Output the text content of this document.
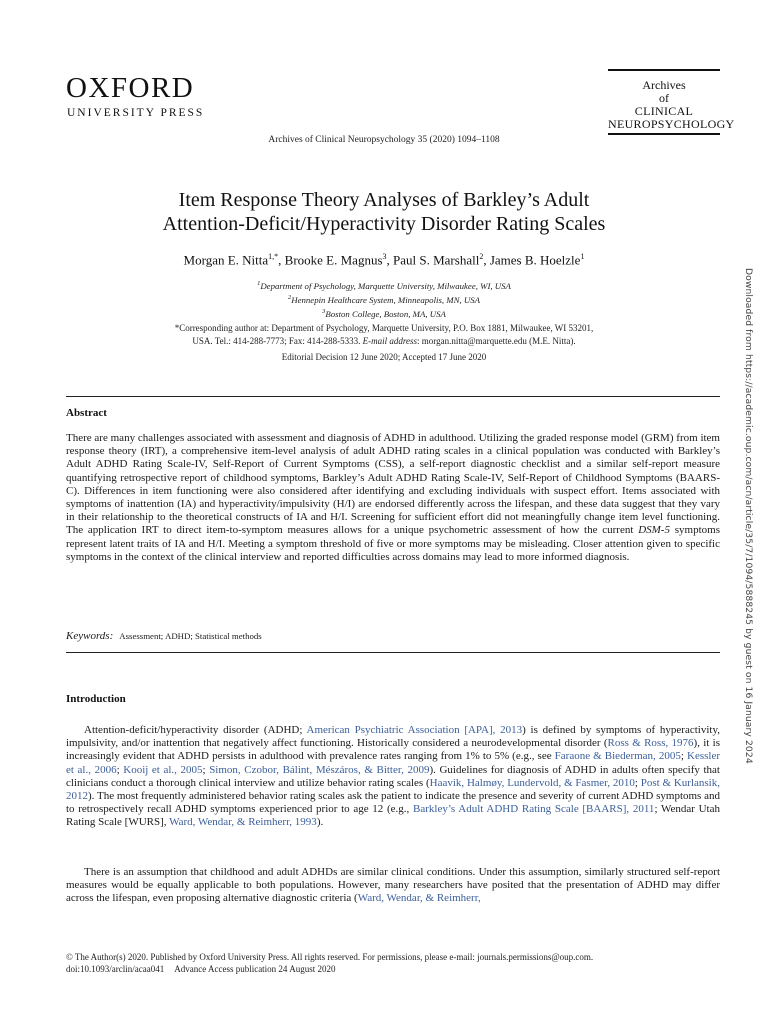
OXFORD
UNIVERSITY PRESS
Archives
of
CLINICAL
NEUROPSYCHOLOGY
Archives of Clinical Neuropsychology 35 (2020) 1094–1108
Item Response Theory Analyses of Barkley’s Adult
Attention-Deficit/Hyperactivity Disorder Rating Scales
Morgan E. Nitta$^{1,*}$, Brooke E. Magnus$^3$, Paul S. Marshall$^2$, James B. Hoelzle$^1$
$^1$Department of Psychology, Marquette University, Milwaukee, WI, USA
$^2$Hennepin Healthcare System, Minneapolis, MN, USA
$^3$Boston College, Boston, MA, USA
*Corresponding author at: Department of Psychology, Marquette University, P.O. Box 1881, Milwaukee, WI 53201,
USA. Tel.: 414-288-7773; Fax: 414-288-5333. E-mail address: morgan.nitta@marquette.edu (M.E. Nitta).
Editorial Decision 12 June 2020; Accepted 17 June 2020
Abstract
There are many challenges associated with assessment and diagnosis of ADHD in adulthood. Utilizing the graded response model (GRM) from item response theory (IRT), a comprehensive item-level analysis of adult ADHD rating scales in a clinical population was conducted with Barkley’s Adult ADHD Rating Scale-IV, Self-Report of Current Symptoms (CSS), a self-report diagnostic checklist and a similar self-report measure quantifying retrospective report of childhood symptoms, Barkley’s Adult ADHD Rating Scale-IV, Self-Report of Childhood Symptoms (BAARS-C). Differences in item functioning were also considered after identifying and excluding individuals with suspect effort. Items associated with symptoms of inattention (IA) and hyperactivity/impulsivity (H/I) are endorsed differently across the lifespan, and these data suggest that they vary in their relationship to the theoretical constructs of IA and H/I. Screening for sufficient effort did not meaningfully change item level functioning. The application IRT to direct item-to-symptom measures allows for a unique psychometric assessment of how the current DSM-5 symptoms represent latent traits of IA and H/I. Meeting a symptom threshold of five or more symptoms may be misleading. Closer attention given to specific symptoms in the context of the clinical interview and reported difficulties across domains may lead to more informed diagnosis.
Keywords: Assessment; ADHD; Statistical methods
Introduction
Attention-deficit/hyperactivity disorder (ADHD; American Psychiatric Association [APA], 2013) is defined by symptoms of hyperactivity, impulsivity, and/or inattention that negatively affect functioning. Historically considered a neurodevelopmental disorder (Ross & Ross, 1976), it is increasingly evident that ADHD persists in adulthood with prevalence rates ranging from 1% to 5% (e.g., see Faraone & Biederman, 2005; Kessler et al., 2006; Kooij et al., 2005; Simon, Czobor, Bálint, Mészáros, & Bitter, 2009). Guidelines for diagnosis of ADHD in adults often specify that clinicians conduct a thorough clinical interview and utilize behavior rating scales (Haavik, Halmøy, Lundervold, & Fasmer, 2010; Post & Kurlansik, 2012). The most frequently administered behavior rating scales ask the patient to indicate the presence and severity of current ADHD symptoms and to retrospectively recall ADHD symptoms experienced prior to age 12 (e.g., Barkley’s Adult ADHD Rating Scale [BAARS], 2011; Wendar Utah Rating Scale [WURS], Ward, Wendar, & Reimherr, 1993).
There is an assumption that childhood and adult ADHDs are similar clinical conditions. Under this assumption, similarly structured self-report measures would be equally applicable to both populations. However, many researchers have posited that the presentation of ADHD may differ across the lifespan, even proposing alternative diagnostic criteria (Ward, Wendar, & Reimherr,
Downloaded from https://academic.oup.com/acn/article/35/7/1094/5888245 by guest on 16 January 2024
© The Author(s) 2020. Published by Oxford University Press. All rights reserved. For permissions, please e-mail: journals.permissions@oup.com.
doi:10.1093/arclin/acaa041 Advance Access publication 24 August 2020
